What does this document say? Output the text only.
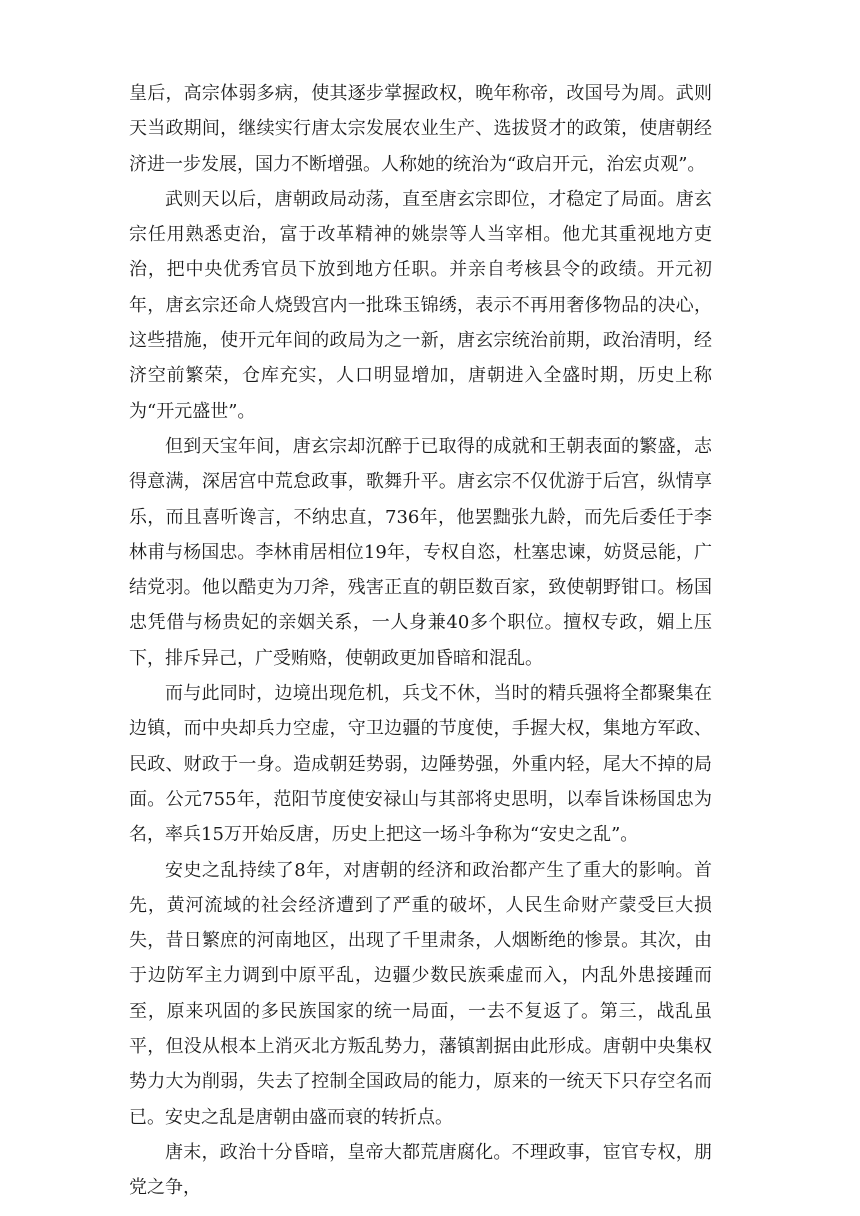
皇后，高宗体弱多病，使其逐步掌握政权，晚年称帝，改国号为周。武则天当政期间，继续实行唐太宗发展农业生产、选拔贤才的政策，使唐朝经济进一步发展，国力不断增强。人称她的统治为“政启开元，治宏贞观”。

武则天以后，唐朝政局动荡，直至唐玄宗即位，才稳定了局面。唐玄宗任用熟悉吏治，富于改革精神的姚崇等人当宰相。他尤其重视地方吏治，把中央优秀官员下放到地方任职。并亲自考核县令的政绩。开元初年，唐玄宗还命人烧毁宫内一批珠玉锦绣，表示不再用奢侈物品的决心，这些措施，使开元年间的政局为之一新，唐玄宗统治前期，政治清明，经济空前繁荣，仓库充实，人口明显增加，唐朝进入全盛时期，历史上称为“开元盛世”。

但到天宝年间，唐玄宗却沉醉于已取得的成就和王朝表面的繁盛，志得意满，深居宫中荒怠政事，歌舞升平。唐玄宗不仅优游于后宫，纵情享乐，而且喜听谗言，不纳忠直，736年，他罢黜张九龄，而先后委任于李林甫与杨国忠。李林甫居相位19年，专权自恣，杜塞忠谏，妨贤忌能，广结党羽。他以酷吏为刀斧，残害正直的朝臣数百家，致使朝野钳口。杨国忠凭借与杨贵妃的亲姻关系，一人身兼40多个职位。擅权专政，媚上压下，排斥异己，广受贿赂，使朝政更加昏暗和混乱。

而与此同时，边境出现危机，兵戈不休，当时的精兵强将全都聚集在边镇，而中央却兵力空虚，守卫边疆的节度使，手握大权，集地方军政、民政、财政于一身。造成朝廷势弱，边陲势强，外重内轻，尾大不掉的局面。公元755年，范阳节度使安禄山与其部将史思明，以奉旨诛杨国忠为名，率兵15万开始反唐，历史上把这一场斗争称为“安史之乱”。

安史之乱持续了8年，对唐朝的经济和政治都产生了重大的影响。首先，黄河流域的社会经济遭到了严重的破坏，人民生命财产蒙受巨大损失，昔日繁庶的河南地区，出现了千里肃条，人烟断绝的惨景。其次，由于边防军主力调到中原平乱，边疆少数民族乘虚而入，内乱外患接踵而至，原来巩固的多民族国家的统一局面，一去不复返了。第三，战乱虽平，但没从根本上消灭北方叛乱势力，藩镇割据由此形成。唐朝中央集权势力大为削弱，失去了控制全国政局的能力，原来的一统天下只存空名而已。安史之乱是唐朝由盛而衰的转折点。

唐末，政治十分昏暗，皇帝大都荒唐腐化。不理政事，宦官专权，朋党之争，
